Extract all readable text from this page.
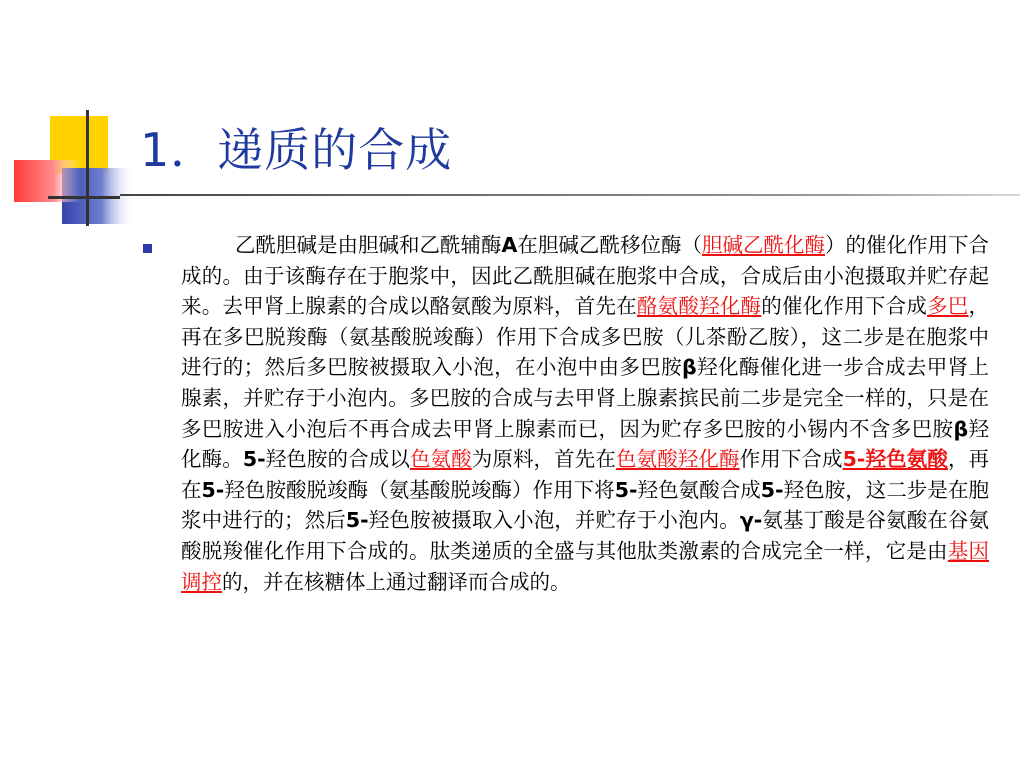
1．递质的合成

乙酰胆碱是由胆碱和乙酰辅酶A在胆碱乙酰移位酶（胆碱乙酰化酶）的催化作用下合成的。由于该酶存在于胞浆中，因此乙酰胆碱在胞浆中合成，合成后由小泡摄取并贮存起来。去甲肾上腺素的合成以酪氨酸为原料，首先在酪氨酸羟化酶的催化作用下合成多巴，再在多巴脱羧酶（氨基酸脱竣酶）作用下合成多巴胺（儿茶酚乙胺），这二步是在胞浆中进行的；然后多巴胺被摄取入小泡，在小泡中由多巴胺β羟化酶催化进一步合成去甲肾上腺素，并贮存于小泡内。多巴胺的合成与去甲肾上腺素摈民前二步是完全一样的，只是在多巴胺进入小泡后不再合成去甲肾上腺素而已，因为贮存多巴胺的小锡内不含多巴胺β羟化酶。5-羟色胺的合成以色氨酸为原料，首先在色氨酸羟化酶作用下合成5-羟色氨酸，再在5-羟色胺酸脱竣酶（氨基酸脱竣酶）作用下将5-羟色氨酸合成5-羟色胺，这二步是在胞浆中进行的；然后5-羟色胺被摄取入小泡，并贮存于小泡内。γ-氨基丁酸是谷氨酸在谷氨酸脱羧催化作用下合成的。肽类递质的全盛与其他肽类激素的合成完全一样，它是由基因调控的，并在核糖体上通过翻译而合成的。
